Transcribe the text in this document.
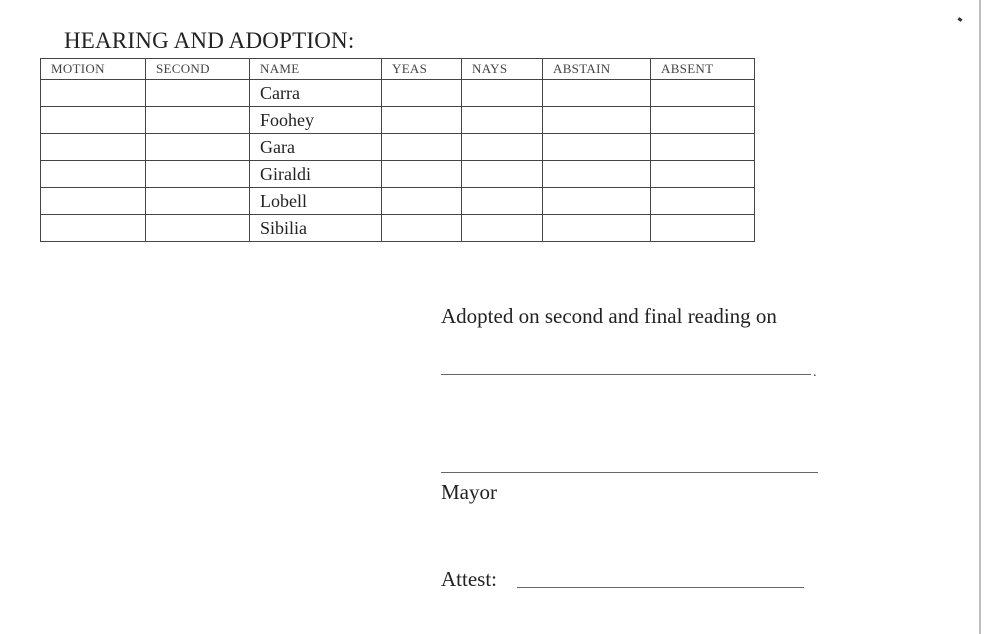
HEARING AND ADOPTION:
MOTION	SECOND	NAME	YEAS	NAYS	ABSTAIN	ABSENT
		Carra				
		Foohey				
		Gara				
		Giraldi				
		Lobell				
		Sibilia				
Adopted on second and final reading on
.
Mayor
Attest:
